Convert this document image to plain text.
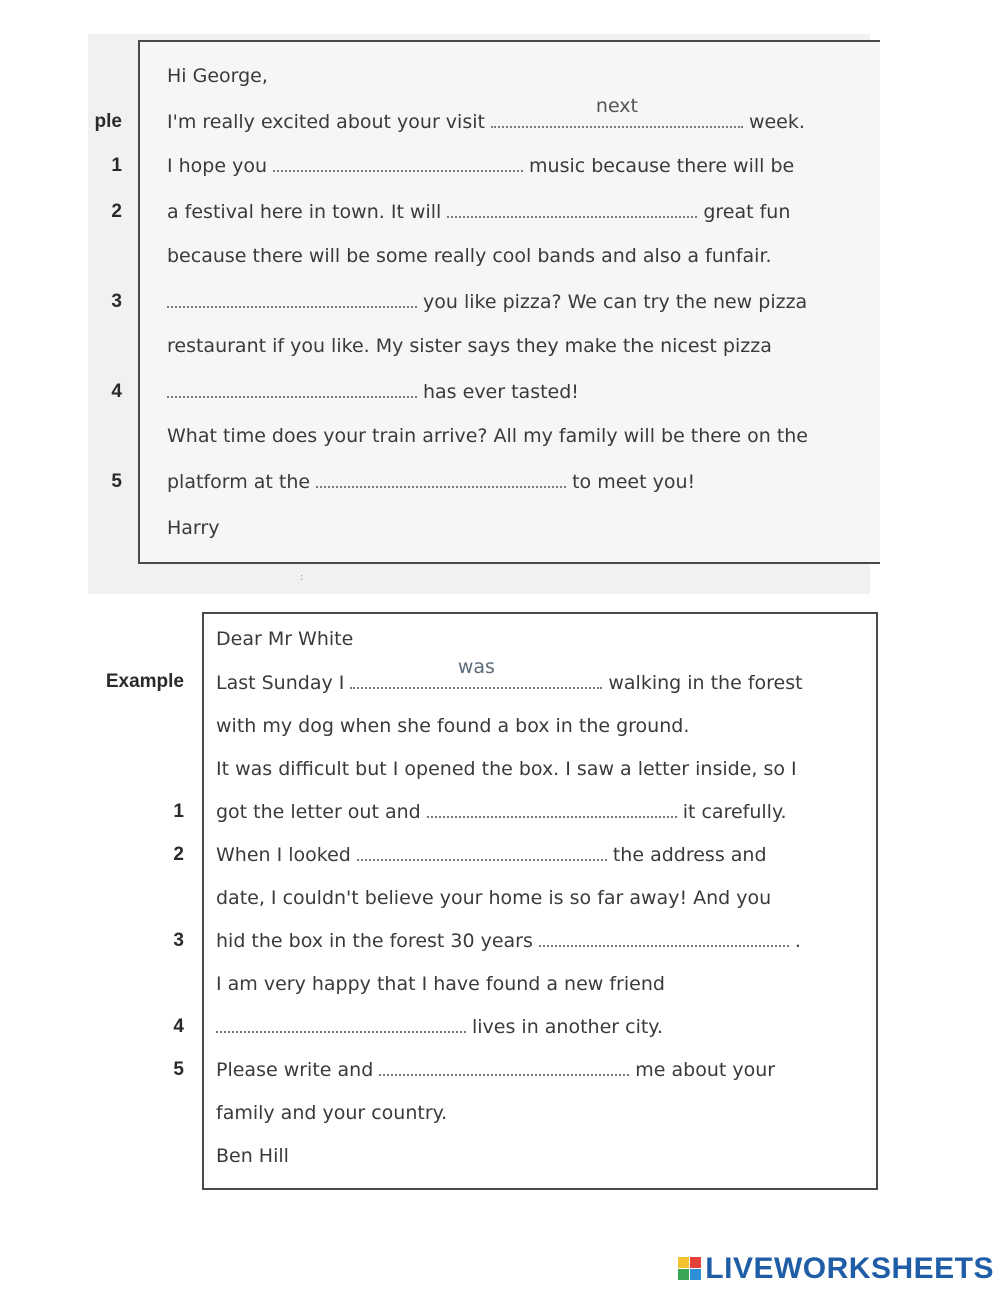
ple
1
2
3
4
5
Hi George,
I'm really excited about your visit
next
week.
I hope you	music because there will be
a festival here in town. It will	great fun
because there will be some really cool bands and also a funfair.
you like pizza? We can try the new pizza
restaurant if you like. My sister says they make the nicest pizza
has ever tasted!
What time does your train arrive? All my family will be there on the
platform at the	to meet you!
Harry
:
Example
1
2
3
4
5
Dear Mr White
Last Sunday I
was
walking in the forest
with my dog when she found a box in the ground.
It was difficult but I opened the box. I saw a letter inside, so I
got the letter out and	it carefully.
When I looked	the address and
date, I couldn't believe your home is so far away! And you
hid the box in the forest 30 years	.
I am very happy that I have found a new friend
lives in another city.
Please write and	me about your
family and your country.
Ben Hill
LIVEWORKSHEETS
